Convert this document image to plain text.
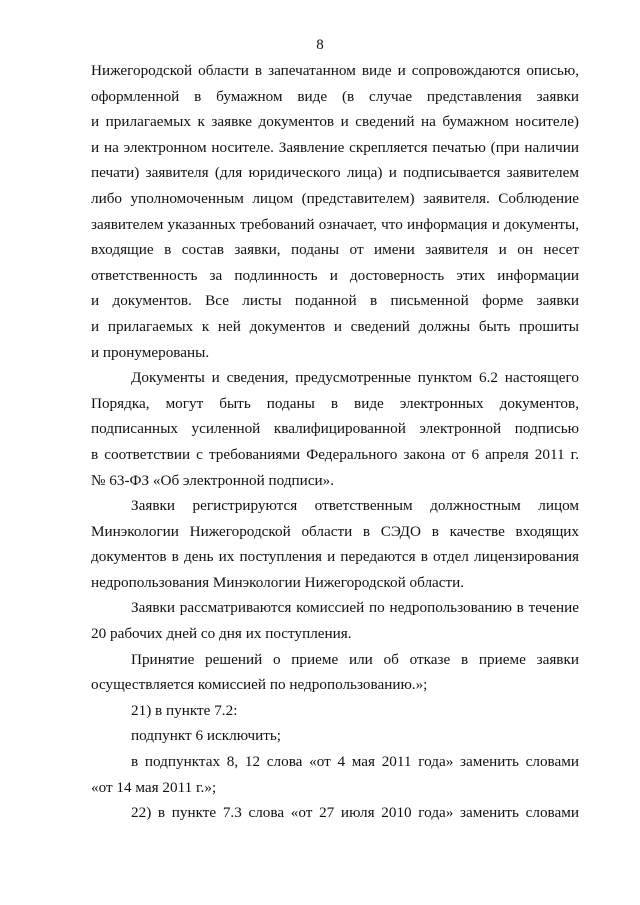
8
Нижегородской области в запечатанном виде и сопровождаются описью,
оформленной в бумажном виде (в случае представления заявки
и прилагаемых к заявке документов и сведений на бумажном носителе)
и на электронном носителе. Заявление скрепляется печатью (при наличии
печати) заявителя (для юридического лица) и подписывается заявителем
либо уполномоченным лицом (представителем) заявителя. Соблюдение
заявителем указанных требований означает, что информация и документы,
входящие в состав заявки, поданы от имени заявителя и он несет
ответственность за подлинность и достоверность этих информации
и документов. Все листы поданной в письменной форме заявки
и прилагаемых к ней документов и сведений должны быть прошиты
и пронумерованы.
Документы и сведения, предусмотренные пунктом 6.2 настоящего
Порядка, могут быть поданы в виде электронных документов,
подписанных усиленной квалифицированной электронной подписью
в соответствии с требованиями Федерального закона от 6 апреля 2011 г.
№ 63-ФЗ «Об электронной подписи».
Заявки регистрируются ответственным должностным лицом
Минэкологии Нижегородской области в СЭДО в качестве входящих
документов в день их поступления и передаются в отдел лицензирования
недропользования Минэкологии Нижегородской области.
Заявки рассматриваются комиссией по недропользованию в течение
20 рабочих дней со дня их поступления.
Принятие решений о приеме или об отказе в приеме заявки
осуществляется комиссией по недропользованию.»;
21) в пункте 7.2:
подпункт 6 исключить;
в подпунктах 8, 12 слова «от 4 мая 2011 года» заменить словами
«от 14 мая 2011 г.»;
22) в пункте 7.3 слова «от 27 июля 2010 года» заменить словами
